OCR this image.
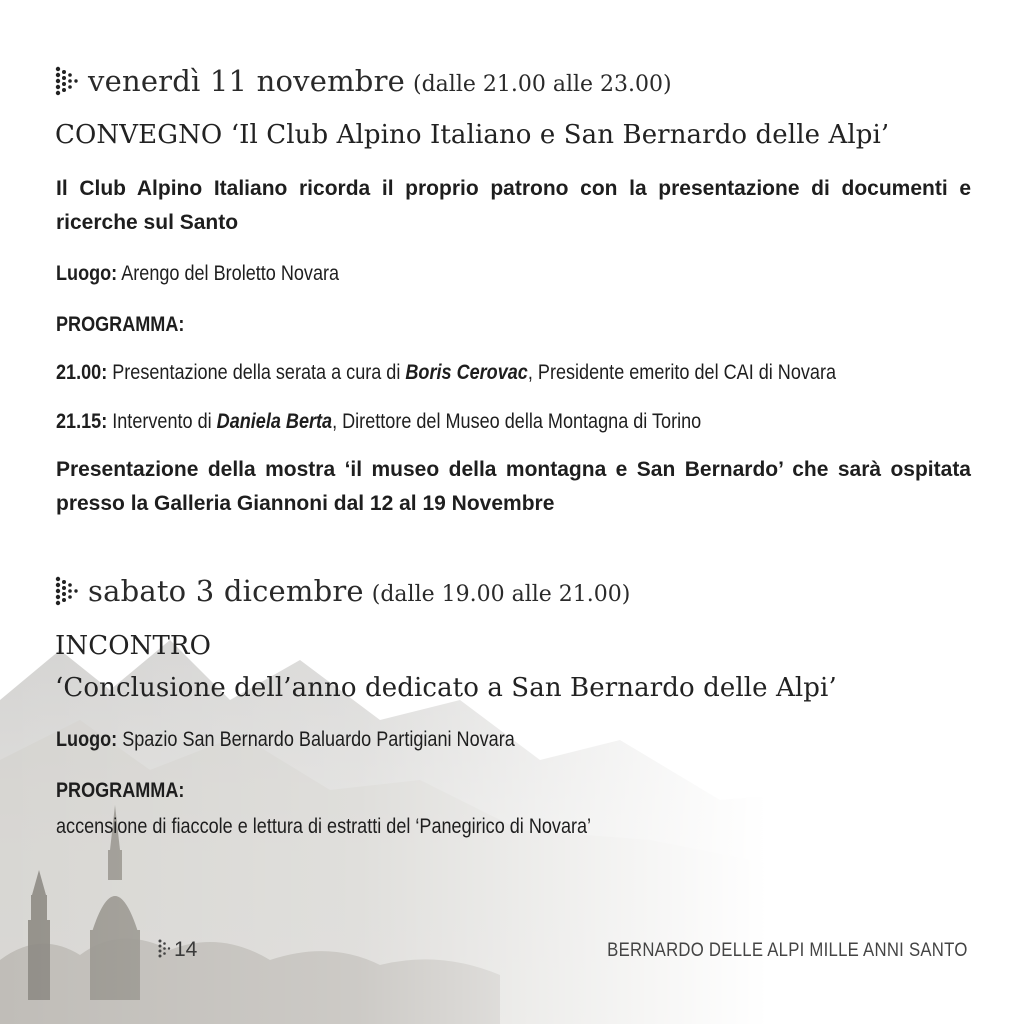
venerdì 11 novembre (dalle 21.00 alle 23.00)
CONVEGNO ‘Il Club Alpino Italiano e San Bernardo delle Alpi’
Il Club Alpino Italiano ricorda il proprio patrono con la presentazione di documenti e ricerche sul Santo
Luogo: Arengo del Broletto Novara
PROGRAMMA:
21.00: Presentazione della serata a cura di Boris Cerovac, Presidente emerito del CAI di Novara
21.15: Intervento di Daniela Berta, Direttore del Museo della Montagna di Torino
Presentazione della mostra ‘il museo della montagna e San Bernardo’ che sarà ospitata presso la Galleria Giannoni dal 12 al 19 Novembre
sabato 3 dicembre (dalle 19.00 alle 21.00)
INCONTRO
‘Conclusione dell’anno dedicato a San Bernardo delle Alpi’
Luogo: Spazio San Bernardo Baluardo Partigiani Novara
PROGRAMMA:
accensione di fiaccole e lettura di estratti del ‘Panegirico di Novara’
14	BERNARDO DELLE ALPI MILLE ANNI SANTO
